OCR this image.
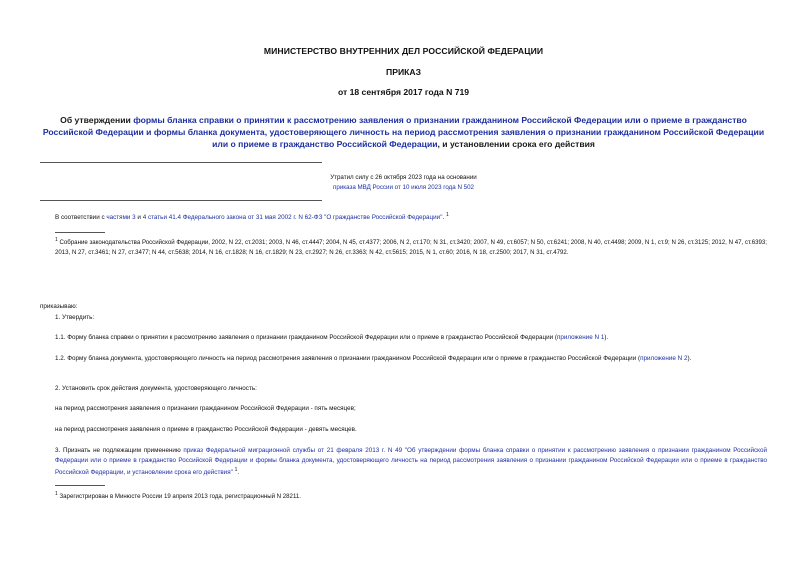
МИНИСТЕРСТВО ВНУТРЕННИХ ДЕЛ РОССИЙСКОЙ ФЕДЕРАЦИИ
ПРИКАЗ
от 18 сентября 2017 года N 719
Об утверждении формы бланка справки о принятии к рассмотрению заявления о признании гражданином Российской Федерации или о приеме в гражданство Российской Федерации и формы бланка документа, удостоверяющего личность на период рассмотрения заявления о признании гражданином Российской Федерации или о приеме в гражданство Российской Федерации, и установлении срока его действия
Утратил силу с 26 октября 2023 года на основании
приказа МВД России от 10 июля 2023 года N 502
В соответствии с частями 3 и 4 статьи 41.4 Федерального закона от 31 мая 2002 г. N 62-ФЗ "О гражданстве Российской Федерации". $^1$
$^1$ Собрание законодательства Российской Федерации, 2002, N 22, ст.2031; 2003, N 46, ст.4447; 2004, N 45, ст.4377; 2006, N 2, ст.170; N 31, ст.3420; 2007, N 49, ст.6057; N 50, ст.6241; 2008, N 40, ст.4498; 2009, N 1, ст.9; N 26, ст.3125; 2012, N 47, ст.6393; 2013, N 27, ст.3461; N 27, ст.3477; N 44, ст.5638; 2014, N 16, ст.1828; N 16, ст.1829; N 23, ст.2927; N 26, ст.3363; N 42, ст.5615; 2015, N 1, ст.60; 2016, N 18, ст.2500; 2017, N 31, ст.4792.
приказываю:
1. Утвердить:
1.1. Форму бланка справки о принятии к рассмотрению заявления о признании гражданином Российской Федерации или о приеме в гражданство Российской Федерации (приложение N 1).
1.2. Форму бланка документа, удостоверяющего личность на период рассмотрения заявления о признании гражданином Российской Федерации или о приеме в гражданство Российской Федерации (приложение N 2).
2. Установить срок действия документа, удостоверяющего личность:
на период рассмотрения заявления о признании гражданином Российской Федерации - пять месяцев;
на период рассмотрения заявления о приеме в гражданство Российской Федерации - девять месяцев.
3. Признать не подлежащим применению приказ Федеральной миграционной службы от 21 февраля 2013 г. N 49 "Об утверждении формы бланка справки о принятии к рассмотрению заявления о признании гражданином Российской Федерации или о приеме в гражданство Российской Федерации и формы бланка документа, удостоверяющего личность на период рассмотрения заявления о признании гражданином Российской Федерации или о приеме в гражданство Российской Федерации, и установлении срока его действия" $^1$.
$^1$ Зарегистрирован в Минюсте России 19 апреля 2013 года, регистрационный N 28211.
